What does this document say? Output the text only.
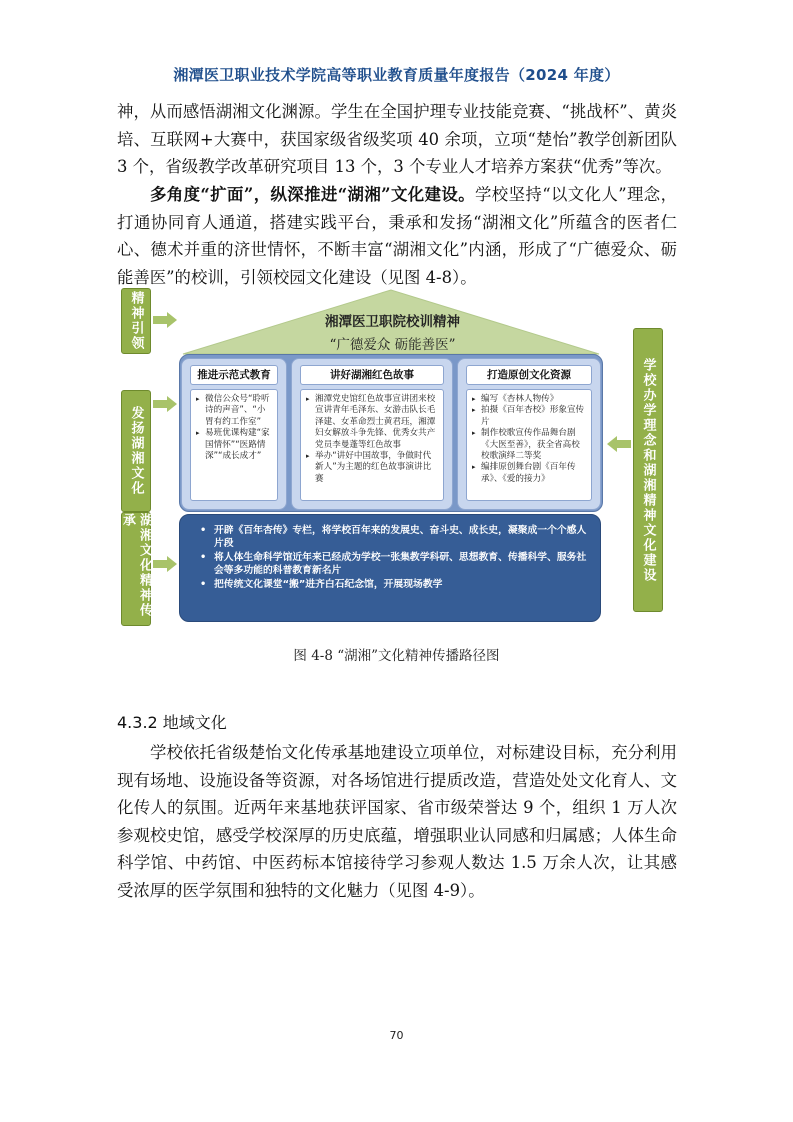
湘潭医卫职业技术学院高等职业教育质量年度报告（2024 年度）

神，从而感悟湖湘文化渊源。学生在全国护理专业技能竞赛、“挑战杯”、黄炎培、互联网+大赛中，获国家级省级奖项 40 余项，立项“楚怡”教学创新团队 3 个，省级教学改革研究项目 13 个，3 个专业人才培养方案获“优秀”等次。

多角度“扩面”，纵深推进“湖湘”文化建设。学校坚持“以文化人”理念，打通协同育人通道，搭建实践平台，秉承和发扬“湖湘文化”所蕴含的医者仁心、德术并重的济世情怀，不断丰富“湖湘文化”内涵，形成了“广德爱众、砺能善医”的校训，引领校园文化建设（见图 4-8）。

精神引领
发扬湖湘文化
湖湘文化精神传承
湘潭医卫职院校训精神
“广德爱众 砺能善医”
推进示范式教育
▸ 微信公众号“聆听诗的声音”、“小胃有约工作室”
▸ 易班优课构建“家国情怀”“医路情深”“成长成才”
讲好湖湘红色故事
▸ 湘潭党史馆红色故事宣讲团来校宣讲青年毛泽东、女游击队长毛泽建、女革命烈士黄君珏，湘潭妇女解放斗争先锋、优秀女共产党员李曼蓬等红色故事
▸ 举办“讲好中国故事，争做时代新人”为主题的红色故事演讲比赛
打造原创文化资源
▸ 编写《杏林人物传》
▸ 拍摄《百年杏校》形象宣传片
▸ 制作校歌宣传作品舞台剧《大医至善》，获全省高校校歌演绎二等奖
▸ 编排原创舞台剧《百年传承》、《爱的接力》
• 开辟《百年杏传》专栏，将学校百年来的发展史、奋斗史、成长史，凝聚成一个个感人片段
• 将人体生命科学馆近年来已经成为学校一张集教学科研、思想教育、传播科学、服务社会等多功能的科普教育新名片
• 把传统文化课堂“搬”进齐白石纪念馆，开展现场教学
学校办学理念和湖湘精神文化建设
图 4-8 “湖湘”文化精神传播路径图
4.3.2 地域文化

学校依托省级楚怡文化传承基地建设立项单位，对标建设目标，充分利用现有场地、设施设备等资源，对各场馆进行提质改造，营造处处文化育人、文化传人的氛围。近两年来基地获评国家、省市级荣誉达 9 个，组织 1 万人次参观校史馆，感受学校深厚的历史底蕴，增强职业认同感和归属感；人体生命科学馆、中药馆、中医药标本馆接待学习参观人数达 1.5 万余人次，让其感受浓厚的医学氛围和独特的文化魅力（见图 4-9）。

70
